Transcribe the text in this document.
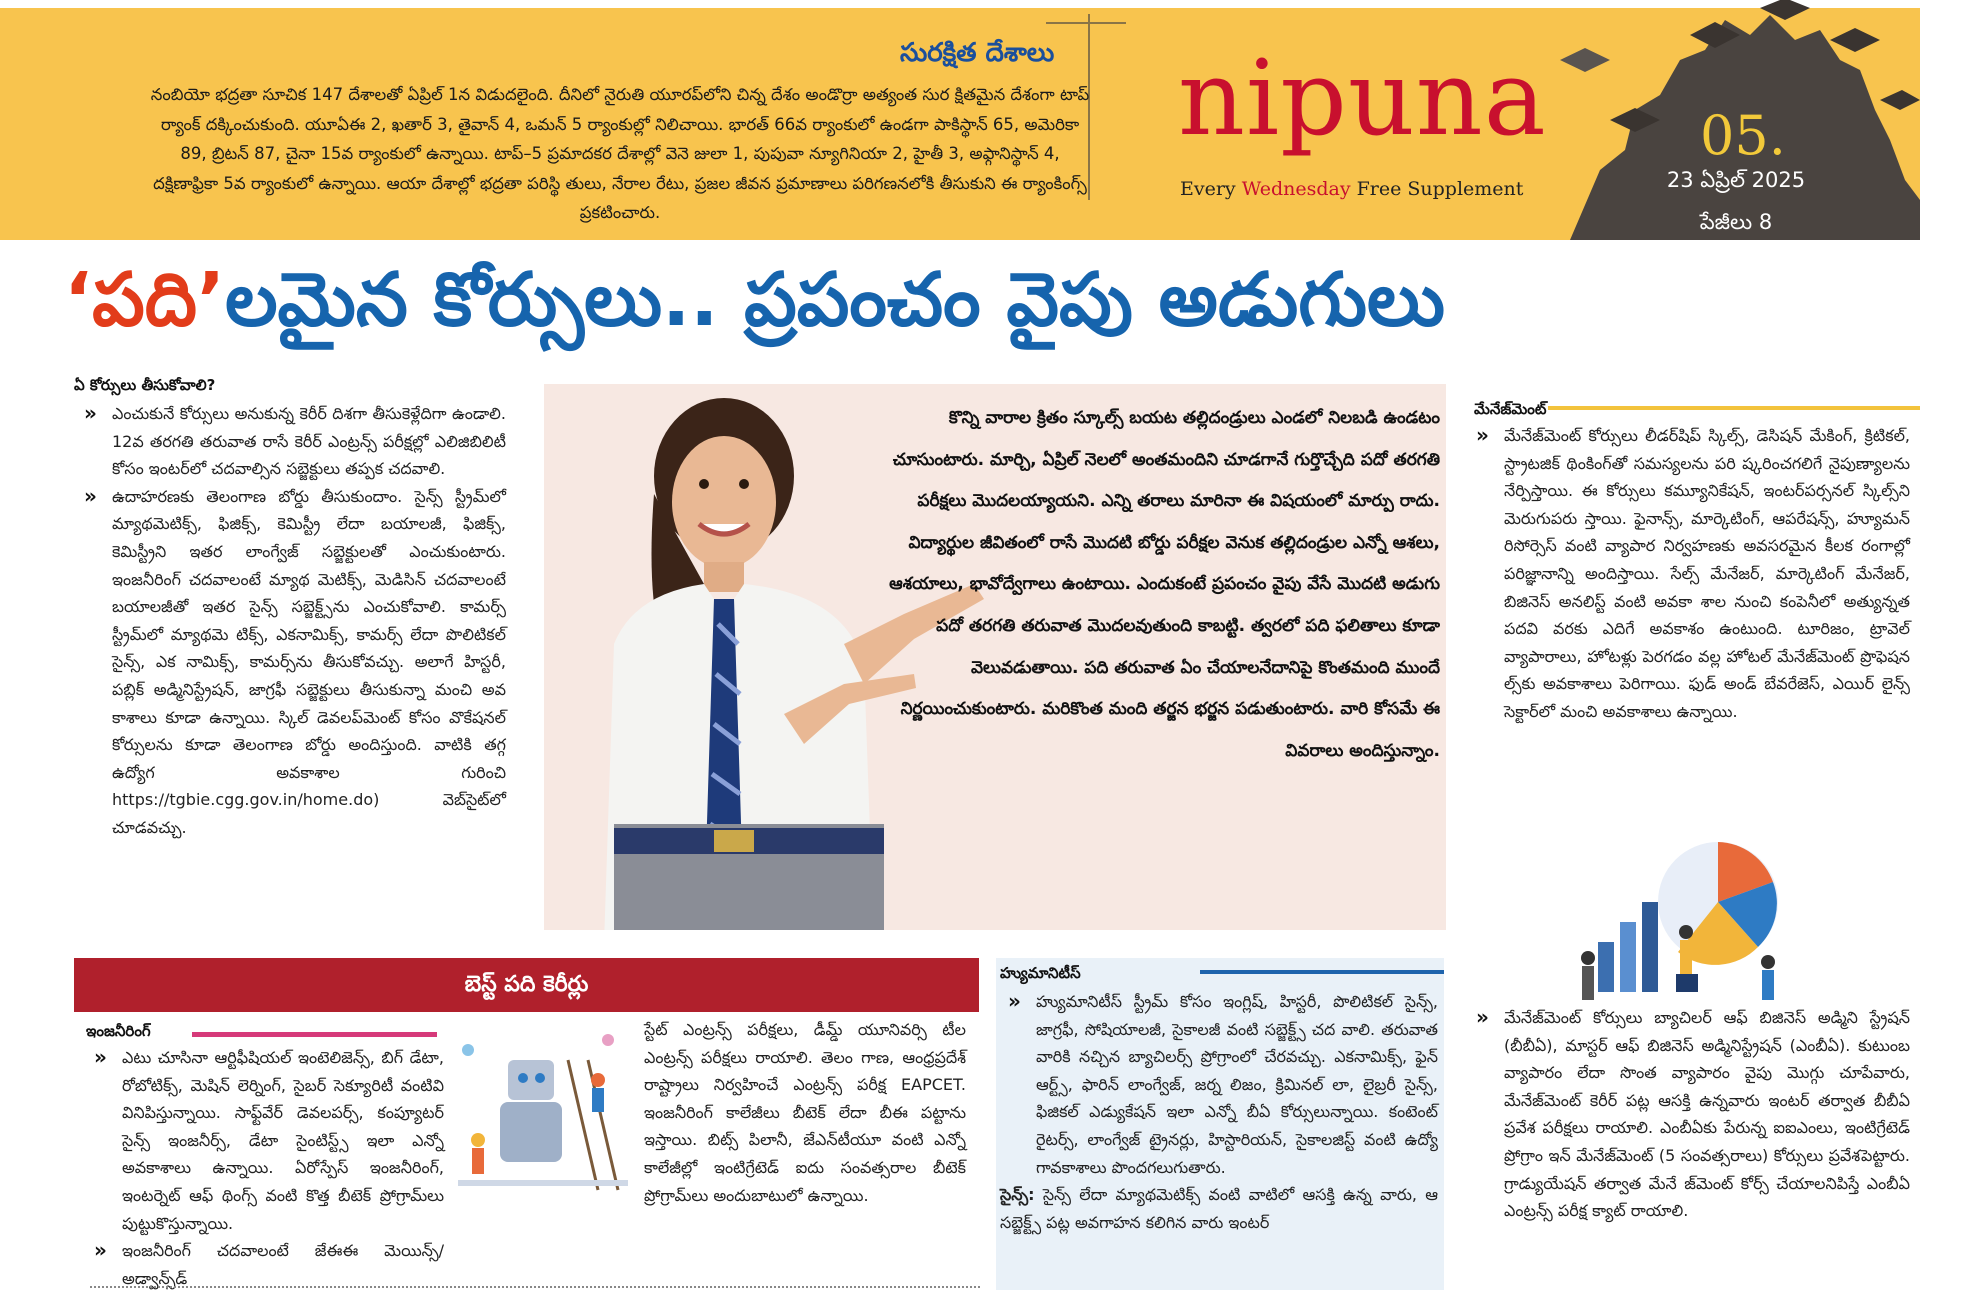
సురక్షిత దేశాలు
నంబియో భద్రతా సూచిక 147 దేశాలతో ఏప్రిల్ 1న విడుదలైంది. దీనిలో నైరుతి యూరప్‌లోని చిన్న దేశం అండొర్రా అత్యంత సుర క్షితమైన దేశంగా టాప్ ర్యాంక్ దక్కించుకుంది. యూఏఈ 2, ఖతార్ 3, తైవాన్ 4, ఒమన్ 5 ర్యాంకుల్లో నిలిచాయి. భారత్ 66వ ర్యాంకులో ఉండగా పాకిస్థాన్ 65, అమెరికా 89, బ్రిటన్ 87, చైనా 15వ ర్యాంకులో ఉన్నాయి. టాప్–5 ప్రమాదకర దేశాల్లో వెనె జులా 1, పుపువా న్యూగినియా 2, హైతీ 3, అఫ్గానిస్థాన్ 4, దక్షిణాఫ్రికా 5వ ర్యాంకులో ఉన్నాయి. ఆయా దేశాల్లో భద్రతా పరిస్థి తులు, నేరాల రేటు, ప్రజల జీవన ప్రమాణాలు పరిగణనలోకి తీసుకుని ఈ ర్యాంకింగ్స్ ప్రకటించారు.
nipuna
Every Wednesday Free Supplement
05.
23 ఏప్రిల్ 2025
పేజీలు 8
‘పది’లమైన కోర్సులు.. ప్రపంచం వైపు అడుగులు
ఏ కోర్సులు తీసుకోవాలి?
» ఎంచుకునే కోర్సులు అనుకున్న కెరీర్ దిశగా తీసుకెళ్లేదిగా ఉండాలి. 12వ తరగతి తరువాత రాసే కెరీర్ ఎంట్రన్స్ పరీక్షల్లో ఎలిజిబిలిటీ కోసం ఇంటర్‌లో చదవాల్సిన సబ్జెక్టులు తప్పక చదవాలి.
» ఉదాహరణకు తెలంగాణ బోర్డు తీసుకుందాం. సైన్స్ స్ట్రీమ్‌లో మ్యాథమెటిక్స్, ఫిజిక్స్, కెమిస్ట్రీ లేదా బయాలజీ, ఫిజిక్స్, కెమిస్ట్రీని ఇతర లాంగ్వేజ్ సబ్జెక్టులతో ఎంచుకుంటారు. ఇంజనీరింగ్ చదవాలంటే మ్యాథ మెటిక్స్, మెడిసిన్ చదవాలంటే బయాలజీతో ఇతర సైన్స్ సబ్జెక్ట్స్‌ను ఎంచుకోవాలి. కామర్స్ స్ట్రీమ్‌లో మ్యాథమె టిక్స్, ఎకనామిక్స్, కామర్స్ లేదా పొలిటికల్ సైన్స్, ఎక నామిక్స్, కామర్స్‌ను తీసుకోవచ్చు. అలాగే హిస్టరీ, పబ్లిక్ అడ్మినిస్ట్రేషన్, జాగ్రఫీ సబ్జెక్టులు తీసుకున్నా మంచి అవ కాశాలు కూడా ఉన్నాయి. స్కిల్ డెవలప్‌మెంట్ కోసం వొకేషనల్ కోర్సులను కూడా తెలంగాణ బోర్డు అందిస్తుంది. వాటికి తగ్గ ఉద్యోగ అవకాశాల గురించి https://tgbie.cgg.gov.in/home.do) వెబ్‌సైట్‌లో చూడవచ్చు.
కొన్ని వారాల క్రితం స్కూల్స్ బయట తల్లిదండ్రులు ఎండలో నిలబడి ఉండటం చూసుంటారు. మార్చి, ఏప్రిల్ నెలలో అంతమందిని చూడగానే గుర్తొచ్చేది పదో తరగతి పరీక్షలు మొదలయ్యాయని. ఎన్ని తరాలు మారినా ఈ విషయంలో మార్పు రాదు. విద్యార్థుల జీవితంలో రాసే మొదటి బోర్డు పరీక్షల వెనుక తల్లిదండ్రుల ఎన్నో ఆశలు, ఆశయాలు, భావోద్వేగాలు ఉంటాయి. ఎందుకంటే ప్రపంచం వైపు వేసే మొదటి అడుగు పదో తరగతి తరువాత మొదలవుతుంది కాబట్టి. త్వరలో పది ఫలితాలు కూడా వెలువడుతాయి. పది తరువాత ఏం చేయాలనేదానిపై కొంతమంది ముందే నిర్ణయించుకుంటారు. మరికొంత మంది తర్జన భర్జన పడుతుంటారు. వారి కోసమే ఈ వివరాలు అందిస్తున్నాం.
మేనేజ్‌మెంట్
» మేనేజ్‌మెంట్ కోర్సులు లీడర్‌షిప్ స్కిల్స్, డెసిషన్ మేకింగ్, క్రిటికల్, స్ట్రాటజిక్ థింకింగ్‌తో సమస్యలను పరి ష్కరించగలిగే నైపుణ్యాలను నేర్పిస్తాయి. ఈ కోర్సులు కమ్యూనికేషన్, ఇంటర్‌పర్సనల్ స్కిల్స్‌ని మెరుగుపరు స్తాయి. ఫైనాన్స్, మార్కెటింగ్, ఆపరేషన్స్, హ్యూమన్ రిసోర్సెస్ వంటి వ్యాపార నిర్వహణకు అవసరమైన కీలక రంగాల్లో పరిజ్ఞానాన్ని అందిస్తాయి. సేల్స్ మేనేజర్, మార్కెటింగ్ మేనేజర్, బిజినెస్ అనలిస్ట్ వంటి అవకా శాల నుంచి కంపెనీలో అత్యున్నత పదవి వరకు ఎదిగే అవకాశం ఉంటుంది. టూరిజం, ట్రావెల్ వ్యాపారాలు, హోటళ్లు పెరగడం వల్ల హోటల్ మేనేజ్‌మెంట్ ప్రొఫెషన ల్స్‌కు అవకాశాలు పెరిగాయి. ఫుడ్ అండ్ బేవరేజెస్, ఎయిర్ లైన్స్ సెక్టార్‌లో మంచి అవకాశాలు ఉన్నాయి.
» మేనేజ్‌మెంట్ కోర్సులు బ్యాచిలర్ ఆఫ్ బిజినెస్ అడ్మిని స్ట్రేషన్ (బీబీఏ), మాస్టర్ ఆఫ్ బిజినెస్ అడ్మినిస్ట్రేషన్ (ఎంబీఏ). కుటుంబ వ్యాపారం లేదా సొంత వ్యాపారం వైపు మొగ్గు చూపేవారు, మేనేజ్‌మెంట్ కెరీర్ పట్ల ఆసక్తి ఉన్నవారు ఇంటర్ తర్వాత బీబీఏ ప్రవేశ పరీక్షలు రాయాలి. ఎంబీఏకు పేరున్న ఐఐఎంలు, ఇంటిగ్రేటెడ్ ప్రోగ్రాం ఇన్ మేనేజ్‌మెంట్ (5 సంవత్సరాలు) కోర్సులు ప్రవేశపెట్టారు. గ్రాడ్యుయేషన్ తర్వాత మేనే జ్‌మెంట్ కోర్స్ చేయాలనిపిస్తే ఎంబీఏ ఎంట్రన్స్ పరీక్ష క్యాట్ రాయాలి.
బెస్ట్ పది కెరీర్లు
ఇంజనీరింగ్
» ఎటు చూసినా ఆర్టిఫీషియల్ ఇంటెలిజెన్స్, బిగ్ డేటా, రోబోటిక్స్, మెషిన్ లెర్నింగ్, సైబర్ సెక్యూరిటీ వంటివి వినిపిస్తున్నాయి. సాఫ్ట్‌వేర్ డెవలపర్స్, కంప్యూటర్ సైన్స్ ఇంజనీర్స్, డేటా సైంటిస్ట్స్ ఇలా ఎన్నో అవకాశాలు ఉన్నాయి. ఏరోస్పేస్ ఇంజనీరింగ్, ఇంటర్నెట్ ఆఫ్ థింగ్స్ వంటి కొత్త బీటెక్ ప్రోగ్రామ్‌లు పుట్టుకొస్తున్నాయి.
» ఇంజనీరింగ్ చదవాలంటే జేఈఈ మెయిన్స్/అడ్వాన్స్‌డ్

స్టేట్ ఎంట్రన్స్ పరీక్షలు, డీమ్డ్ యూనివర్సి టీల ఎంట్రన్స్ పరీక్షలు రాయాలి. తెలం గాణ, ఆంధ్రప్రదేశ్ రాష్ట్రాలు నిర్వహించే ఎంట్రన్స్ పరీక్ష EAPCET. ఇంజనీరింగ్ కాలేజీలు బీటెక్ లేదా బీఈ పట్టాను ఇస్తాయి. బిట్స్ పిలానీ, జేఎన్‌టీయూ వంటి ఎన్నో కాలేజీల్లో ఇంటిగ్రేటెడ్ ఐదు సంవత్సరాల బీటెక్ ప్రోగ్రామ్‌లు అందుబాటులో ఉన్నాయి.

హ్యుమానిటీస్
» హ్యుమానిటీస్ స్ట్రీమ్ కోసం ఇంగ్లిష్, హిస్టరీ, పొలిటికల్ సైన్స్, జాగ్రఫీ, సోషియాలజీ, సైకాలజీ వంటి సబ్జెక్ట్స్ చద వాలి. తరువాత వారికి నచ్చిన బ్యాచిలర్స్ ప్రోగ్రాంలో చేరవచ్చు. ఎకనామిక్స్, ఫైన్ ఆర్ట్స్, ఫారిన్ లాంగ్వేజ్, జర్న లిజం, క్రిమినల్ లా, లైబ్రరీ సైన్స్, ఫిజికల్ ఎడ్యుకేషన్ ఇలా ఎన్నో బీఏ కోర్సులున్నాయి. కంటెంట్ రైటర్స్, లాంగ్వేజ్ ట్రైనర్లు, హిస్టారియన్, సైకాలజిస్ట్ వంటి ఉద్యో గావకాశాలు పొందగలుగుతారు.

సైన్స్: సైన్స్ లేదా మ్యాథమెటిక్స్ వంటి వాటిలో ఆసక్తి ఉన్న వారు, ఆ సబ్జెక్ట్స్ పట్ల అవగాహన కలిగిన వారు ఇంటర్
